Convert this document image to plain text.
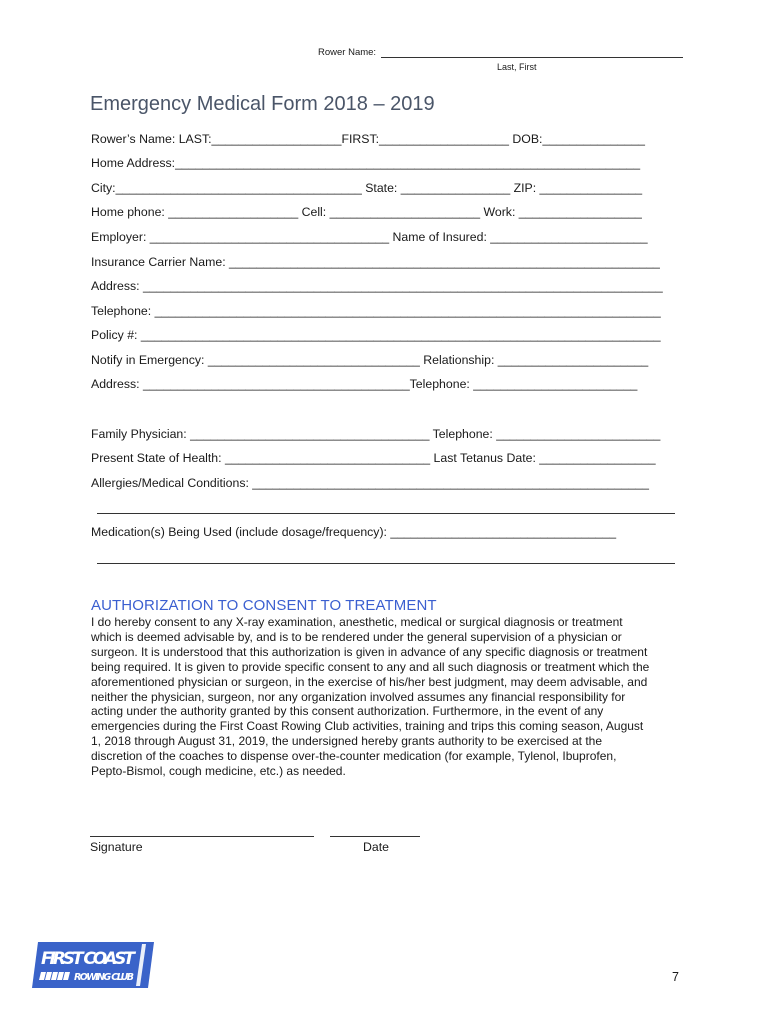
Rower Name:
Last, First
Emergency Medical Form 2018 – 2019
Rower’s Name: LAST:___________________FIRST:___________________ DOB:_______________
Home Address:____________________________________________________________________
City:____________________________________ State: ________________ ZIP: _______________
Home phone: ___________________ Cell: ______________________ Work: __________________
Employer: ___________________________________ Name of Insured: _______________________
Insurance Carrier Name: _______________________________________________________________
Address: ____________________________________________________________________________
Telephone: __________________________________________________________________________
Policy #: ____________________________________________________________________________
Notify in Emergency: _______________________________ Relationship: ______________________
Address: _______________________________________Telephone: ________________________
Family Physician: ___________________________________ Telephone: ________________________
Present State of Health: ______________________________ Last Tetanus Date: _________________
Allergies/Medical Conditions: __________________________________________________________
Medication(s) Being Used (include dosage/frequency): _________________________________
AUTHORIZATION TO CONSENT TO TREATMENT

I do hereby consent to any X-ray examination, anesthetic, medical or surgical diagnosis or treatment

which is deemed advisable by, and is to be rendered under the general supervision of a physician or

surgeon. It is understood that this authorization is given in advance of any specific diagnosis or treatment

being required. It is given to provide specific consent to any and all such diagnosis or treatment which the

aforementioned physician or surgeon, in the exercise of his/her best judgment, may deem advisable, and

neither the physician, surgeon, nor any organization involved assumes any financial responsibility for

acting under the authority granted by this consent authorization. Furthermore, in the event of any

emergencies during the First Coast Rowing Club activities, training and trips this coming season, August

1, 2018 through August 31, 2019, the undersigned hereby grants authority to be exercised at the

discretion of the coaches to dispense over-the-counter medication (for example, Tylenol, Ibuprofen,

Pepto-Bismol, cough medicine, etc.) as needed.

Signature	Date
FIRST COAST
ROWING CLUB	7
